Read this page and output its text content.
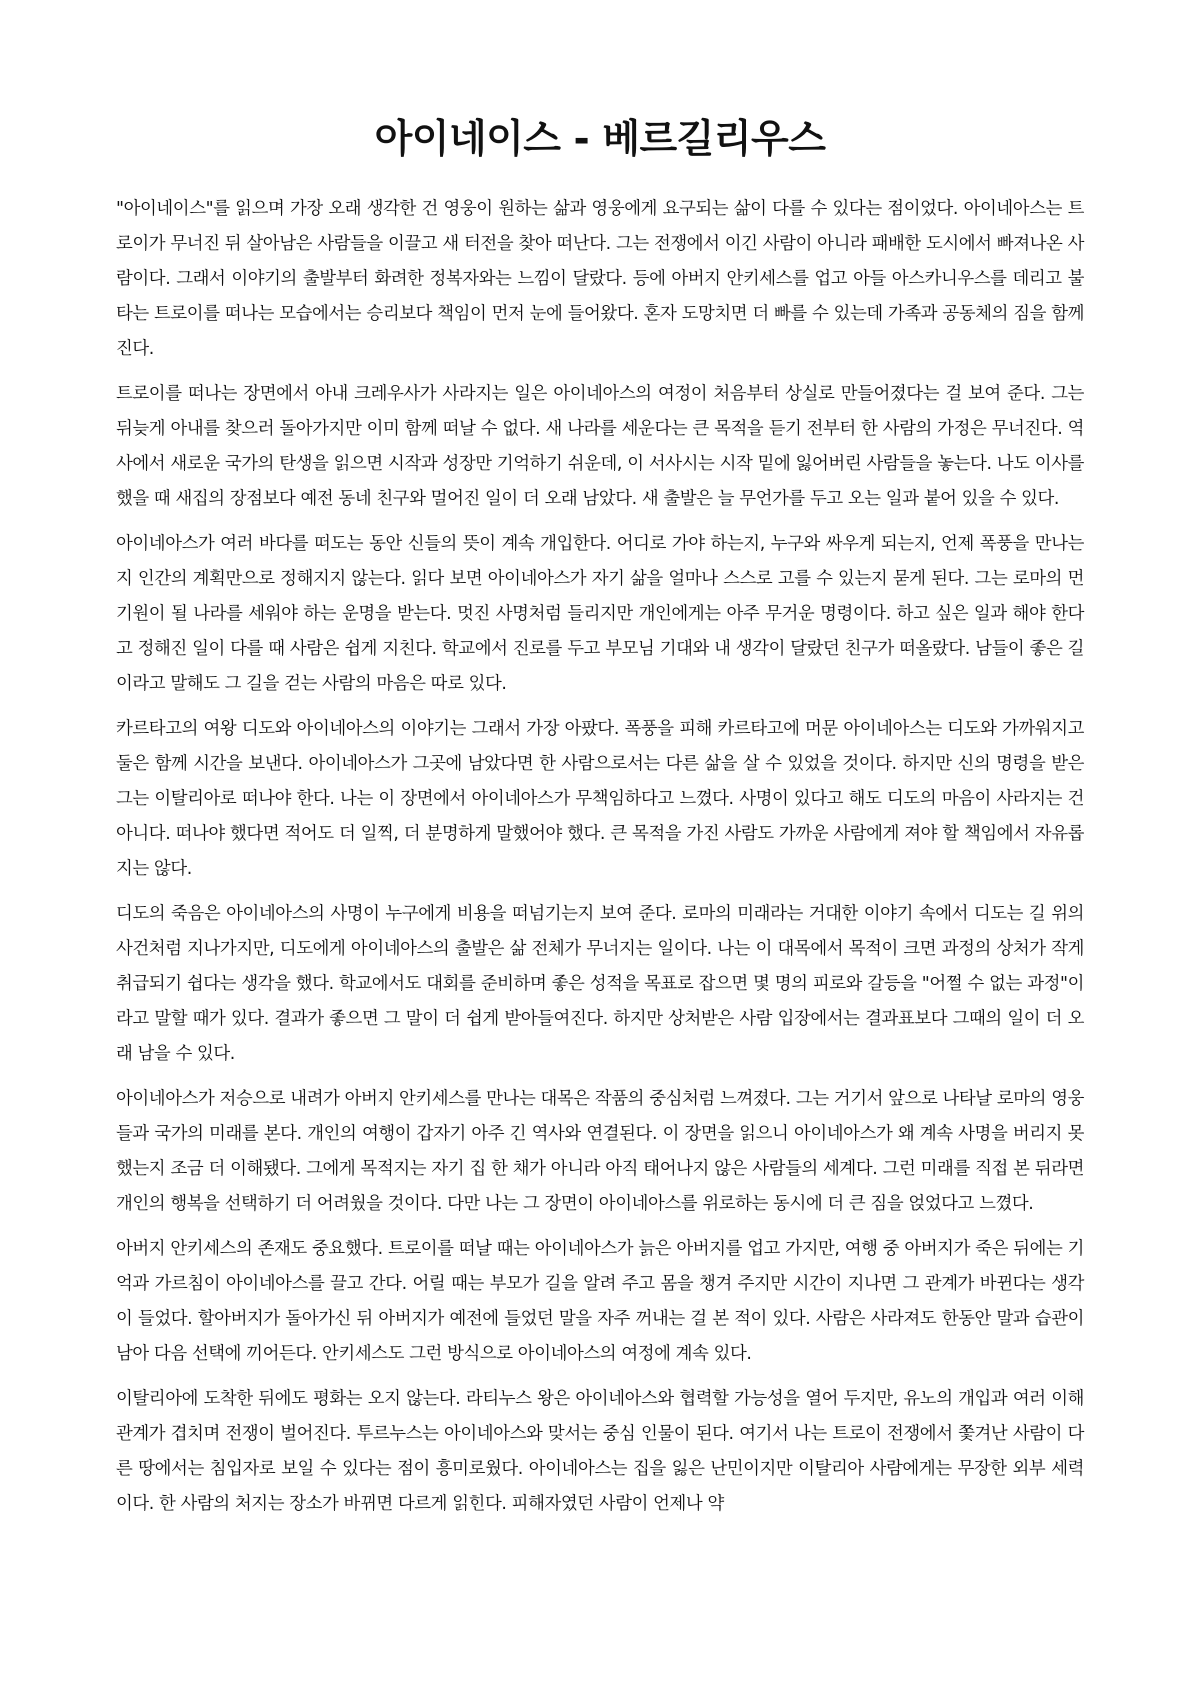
아이네이스 - 베르길리우스

"아이네이스"를 읽으며 가장 오래 생각한 건 영웅이 원하는 삶과 영웅에게 요구되는 삶이 다를 수 있다는 점이었다. 아이네아스는 트로이가 무너진 뒤 살아남은 사람들을 이끌고 새 터전을 찾아 떠난다. 그는 전쟁에서 이긴 사람이 아니라 패배한 도시에서 빠져나온 사람이다. 그래서 이야기의 출발부터 화려한 정복자와는 느낌이 달랐다. 등에 아버지 안키세스를 업고 아들 아스카니우스를 데리고 불타는 트로이를 떠나는 모습에서는 승리보다 책임이 먼저 눈에 들어왔다. 혼자 도망치면 더 빠를 수 있는데 가족과 공동체의 짐을 함께 진다.

트로이를 떠나는 장면에서 아내 크레우사가 사라지는 일은 아이네아스의 여정이 처음부터 상실로 만들어졌다는 걸 보여 준다. 그는 뒤늦게 아내를 찾으러 돌아가지만 이미 함께 떠날 수 없다. 새 나라를 세운다는 큰 목적을 듣기 전부터 한 사람의 가정은 무너진다. 역사에서 새로운 국가의 탄생을 읽으면 시작과 성장만 기억하기 쉬운데, 이 서사시는 시작 밑에 잃어버린 사람들을 놓는다. 나도 이사를 했을 때 새집의 장점보다 예전 동네 친구와 멀어진 일이 더 오래 남았다. 새 출발은 늘 무언가를 두고 오는 일과 붙어 있을 수 있다.

아이네아스가 여러 바다를 떠도는 동안 신들의 뜻이 계속 개입한다. 어디로 가야 하는지, 누구와 싸우게 되는지, 언제 폭풍을 만나는지 인간의 계획만으로 정해지지 않는다. 읽다 보면 아이네아스가 자기 삶을 얼마나 스스로 고를 수 있는지 묻게 된다. 그는 로마의 먼 기원이 될 나라를 세워야 하는 운명을 받는다. 멋진 사명처럼 들리지만 개인에게는 아주 무거운 명령이다. 하고 싶은 일과 해야 한다고 정해진 일이 다를 때 사람은 쉽게 지친다. 학교에서 진로를 두고 부모님 기대와 내 생각이 달랐던 친구가 떠올랐다. 남들이 좋은 길이라고 말해도 그 길을 걷는 사람의 마음은 따로 있다.

카르타고의 여왕 디도와 아이네아스의 이야기는 그래서 가장 아팠다. 폭풍을 피해 카르타고에 머문 아이네아스는 디도와 가까워지고 둘은 함께 시간을 보낸다. 아이네아스가 그곳에 남았다면 한 사람으로서는 다른 삶을 살 수 있었을 것이다. 하지만 신의 명령을 받은 그는 이탈리아로 떠나야 한다. 나는 이 장면에서 아이네아스가 무책임하다고 느꼈다. 사명이 있다고 해도 디도의 마음이 사라지는 건 아니다. 떠나야 했다면 적어도 더 일찍, 더 분명하게 말했어야 했다. 큰 목적을 가진 사람도 가까운 사람에게 져야 할 책임에서 자유롭지는 않다.

디도의 죽음은 아이네아스의 사명이 누구에게 비용을 떠넘기는지 보여 준다. 로마의 미래라는 거대한 이야기 속에서 디도는 길 위의 사건처럼 지나가지만, 디도에게 아이네아스의 출발은 삶 전체가 무너지는 일이다. 나는 이 대목에서 목적이 크면 과정의 상처가 작게 취급되기 쉽다는 생각을 했다. 학교에서도 대회를 준비하며 좋은 성적을 목표로 잡으면 몇 명의 피로와 갈등을 "어쩔 수 없는 과정"이라고 말할 때가 있다. 결과가 좋으면 그 말이 더 쉽게 받아들여진다. 하지만 상처받은 사람 입장에서는 결과표보다 그때의 일이 더 오래 남을 수 있다.

아이네아스가 저승으로 내려가 아버지 안키세스를 만나는 대목은 작품의 중심처럼 느껴졌다. 그는 거기서 앞으로 나타날 로마의 영웅들과 국가의 미래를 본다. 개인의 여행이 갑자기 아주 긴 역사와 연결된다. 이 장면을 읽으니 아이네아스가 왜 계속 사명을 버리지 못했는지 조금 더 이해됐다. 그에게 목적지는 자기 집 한 채가 아니라 아직 태어나지 않은 사람들의 세계다. 그런 미래를 직접 본 뒤라면 개인의 행복을 선택하기 더 어려웠을 것이다. 다만 나는 그 장면이 아이네아스를 위로하는 동시에 더 큰 짐을 얹었다고 느꼈다.

아버지 안키세스의 존재도 중요했다. 트로이를 떠날 때는 아이네아스가 늙은 아버지를 업고 가지만, 여행 중 아버지가 죽은 뒤에는 기억과 가르침이 아이네아스를 끌고 간다. 어릴 때는 부모가 길을 알려 주고 몸을 챙겨 주지만 시간이 지나면 그 관계가 바뀐다는 생각이 들었다. 할아버지가 돌아가신 뒤 아버지가 예전에 들었던 말을 자주 꺼내는 걸 본 적이 있다. 사람은 사라져도 한동안 말과 습관이 남아 다음 선택에 끼어든다. 안키세스도 그런 방식으로 아이네아스의 여정에 계속 있다.

이탈리아에 도착한 뒤에도 평화는 오지 않는다. 라티누스 왕은 아이네아스와 협력할 가능성을 열어 두지만, 유노의 개입과 여러 이해관계가 겹치며 전쟁이 벌어진다. 투르누스는 아이네아스와 맞서는 중심 인물이 된다. 여기서 나는 트로이 전쟁에서 쫓겨난 사람이 다른 땅에서는 침입자로 보일 수 있다는 점이 흥미로웠다. 아이네아스는 집을 잃은 난민이지만 이탈리아 사람에게는 무장한 외부 세력이다. 한 사람의 처지는 장소가 바뀌면 다르게 읽힌다. 피해자였던 사람이 언제나 약
